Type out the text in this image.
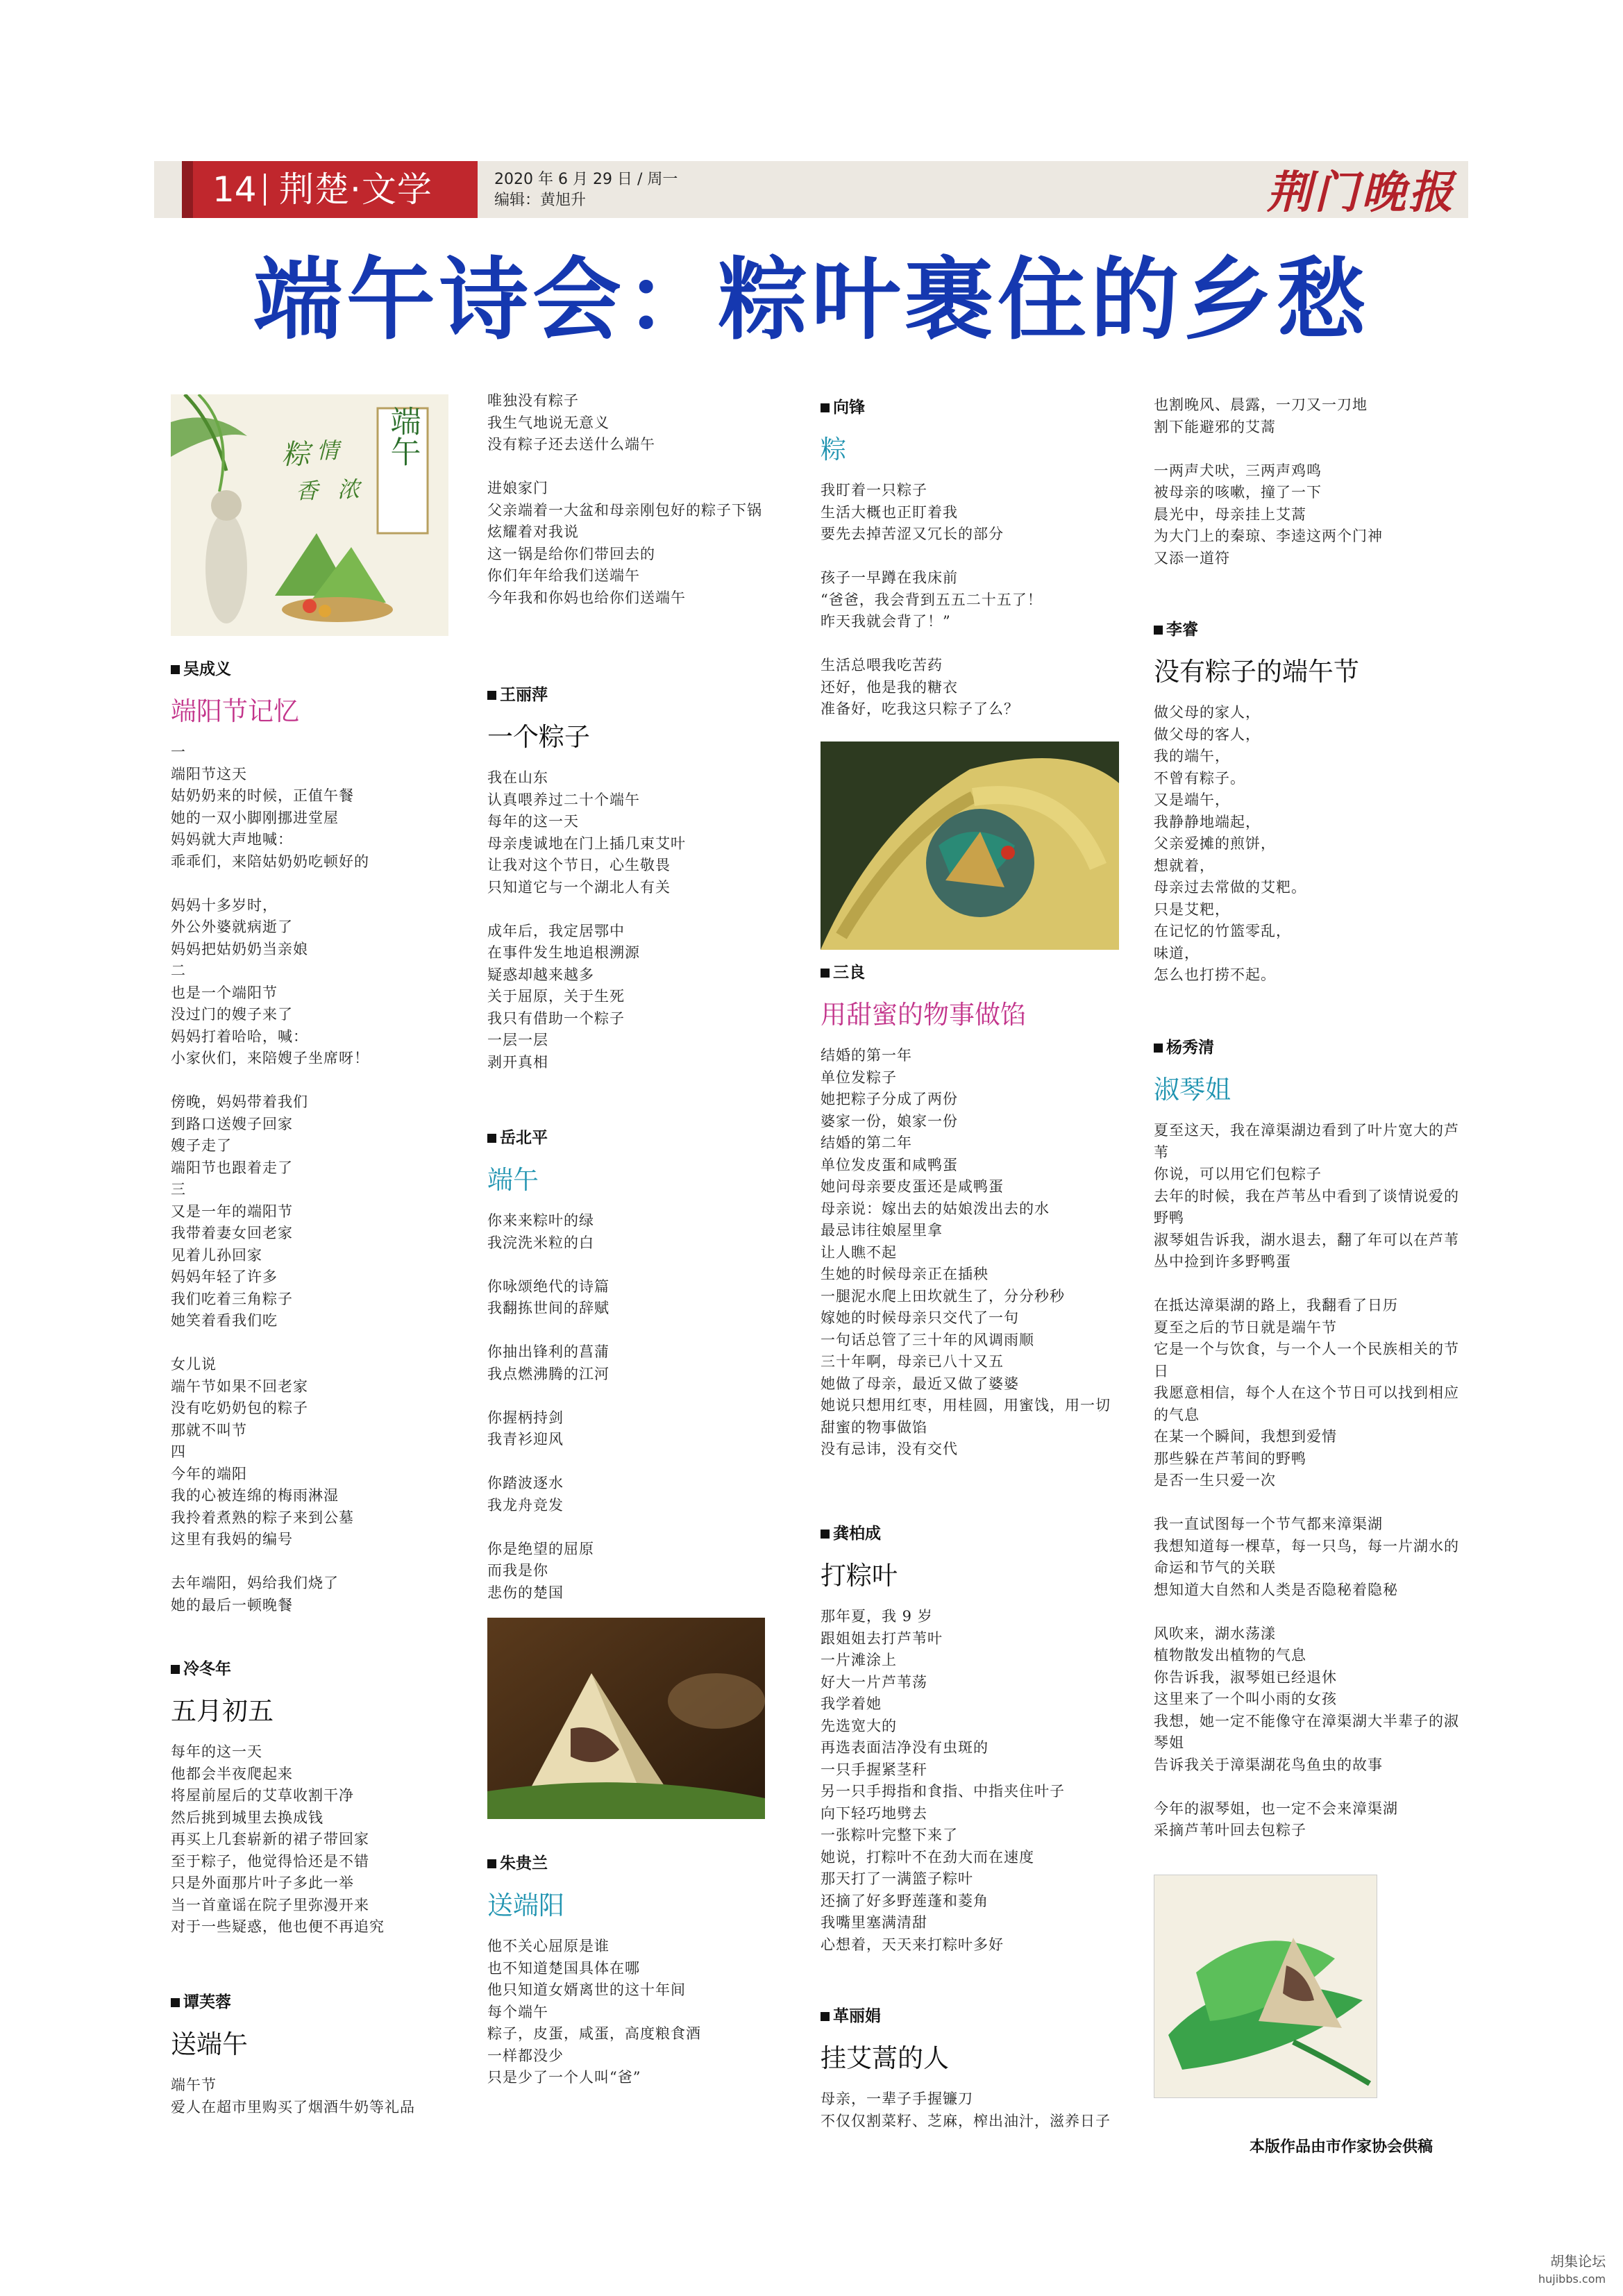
14 荆楚·文学	2020 年 6 月 29 日 / 周一
编辑：黄旭升	荆门晚报
端午诗会：粽叶裹住的乡愁
粽 情
香 浓
端午
吴成义
端阳节记忆
一
端阳节这天
姑奶奶来的时候，正值午餐
她的一双小脚刚挪进堂屋
妈妈就大声地喊：
乖乖们，来陪姑奶奶吃顿好的

妈妈十多岁时，
外公外婆就病逝了
妈妈把姑奶奶当亲娘
二
也是一个端阳节
没过门的嫂子来了
妈妈打着哈哈，喊：
小家伙们，来陪嫂子坐席呀！

傍晚，妈妈带着我们
到路口送嫂子回家
嫂子走了
端阳节也跟着走了
三
又是一年的端阳节
我带着妻女回老家
见着儿孙回家
妈妈年轻了许多
我们吃着三角粽子
她笑着看我们吃

女儿说
端午节如果不回老家
没有吃奶奶包的粽子
那就不叫节
四
今年的端阳
我的心被连绵的梅雨淋湿
我拎着煮熟的粽子来到公墓
这里有我妈的编号

去年端阳，妈给我们烧了
她的最后一顿晚餐
冷冬年
五月初五
每年的这一天
他都会半夜爬起来
将屋前屋后的艾草收割干净
然后挑到城里去换成钱
再买上几套崭新的裙子带回家
至于粽子，他觉得恰还是不错
只是外面那片叶子多此一举
当一首童谣在院子里弥漫开来
对于一些疑惑，他也便不再追究
谭芙蓉
送端午
端午节
爱人在超市里购买了烟酒牛奶等礼品
唯独没有粽子
我生气地说无意义
没有粽子还去送什么端午

进娘家门
父亲端着一大盆和母亲刚包好的粽子下锅
炫耀着对我说
这一锅是给你们带回去的
你们年年给我们送端午
今年我和你妈也给你们送端午
王丽萍
一个粽子
我在山东
认真喂养过二十个端午
每年的这一天
母亲虔诚地在门上插几束艾叶
让我对这个节日，心生敬畏
只知道它与一个湖北人有关

成年后，我定居鄂中
在事件发生地追根溯源
疑惑却越来越多
关于屈原，关于生死
我只有借助一个粽子
一层一层
剥开真相
岳北平
端午
你来来粽叶的绿
我浣洗米粒的白

你咏颂绝代的诗篇
我翻拣世间的辞赋

你抽出锋利的菖蒲
我点燃沸腾的江河

你握柄持剑
我青衫迎风

你踏波逐水
我龙舟竞发

你是绝望的屈原
而我是你
悲伤的楚国
朱贵兰
送端阳
他不关心屈原是谁
也不知道楚国具体在哪
他只知道女婿离世的这十年间
每个端午
粽子，皮蛋，咸蛋，高度粮食酒
一样都没少
只是少了一个人叫“爸”
向锋
粽
我盯着一只粽子
生活大概也正盯着我
要先去掉苦涩又冗长的部分

孩子一早蹲在我床前
“爸爸，我会背到五五二十五了！
昨天我就会背了！”

生活总喂我吃苦药
还好，他是我的糖衣
准备好，吃我这只粽子了么？
三良
用甜蜜的物事做馅
结婚的第一年
单位发粽子
她把粽子分成了两份
婆家一份，娘家一份
结婚的第二年
单位发皮蛋和咸鸭蛋
她问母亲要皮蛋还是咸鸭蛋
母亲说：嫁出去的姑娘泼出去的水
最忌讳往娘屋里拿
让人瞧不起
生她的时候母亲正在插秧
一腿泥水爬上田坎就生了，分分秒秒
嫁她的时候母亲只交代了一句
一句话总管了三十年的风调雨顺
三十年啊，母亲已八十又五
她做了母亲，最近又做了婆婆
她说只想用红枣，用桂圆，用蜜饯，用一切
甜蜜的物事做馅
没有忌讳，没有交代
龚柏成
打粽叶
那年夏，我 9 岁
跟姐姐去打芦苇叶
一片滩涂上
好大一片芦苇荡
我学着她
先选宽大的
再选表面洁净没有虫斑的
一只手握紧茎秆
另一只手拇指和食指、中指夹住叶子
向下轻巧地劈去
一张粽叶完整下来了
她说，打粽叶不在劲大而在速度
那天打了一满篮子粽叶
还摘了好多野莲蓬和菱角
我嘴里塞满清甜
心想着，天天来打粽叶多好
革丽娟
挂艾蒿的人
母亲，一辈子手握镰刀
不仅仅割菜籽、芝麻，榨出油汁，滋养日子
也割晚风、晨露，一刀又一刀地
割下能避邪的艾蒿

一两声犬吠，三两声鸡鸣
被母亲的咳嗽，撞了一下
晨光中，母亲挂上艾蒿
为大门上的秦琼、李逵这两个门神
又添一道符
李睿
没有粽子的端午节
做父母的家人，
做父母的客人，
我的端午，
不曾有粽子。
又是端午，
我静静地端起，
父亲爱摊的煎饼，
想就着，
母亲过去常做的艾粑。
只是艾粑，
在记忆的竹篮零乱，
味道，
怎么也打捞不起。
杨秀清
淑琴姐
夏至这天，我在漳渠湖边看到了叶片宽大的芦苇
你说，可以用它们包粽子
去年的时候，我在芦苇丛中看到了谈情说爱的野鸭
淑琴姐告诉我，湖水退去，翻了年可以在芦苇丛中捡到许多野鸭蛋

在抵达漳渠湖的路上，我翻看了日历
夏至之后的节日就是端午节
它是一个与饮食，与一个人一个民族相关的节日
我愿意相信，每个人在这个节日可以找到相应的气息
在某一个瞬间，我想到爱情
那些躲在芦苇间的野鸭
是否一生只爱一次

我一直试图每一个节气都来漳渠湖
我想知道每一棵草，每一只鸟，每一片湖水的命运和节气的关联
想知道大自然和人类是否隐秘着隐秘

风吹来，湖水荡漾
植物散发出植物的气息
你告诉我，淑琴姐已经退休
这里来了一个叫小雨的女孩
我想，她一定不能像守在漳渠湖大半辈子的淑琴姐
告诉我关于漳渠湖花鸟鱼虫的故事

今年的淑琴姐，也一定不会来漳渠湖
采摘芦苇叶回去包粽子
本版作品由市作家协会供稿
胡集论坛
hujibbs.com
